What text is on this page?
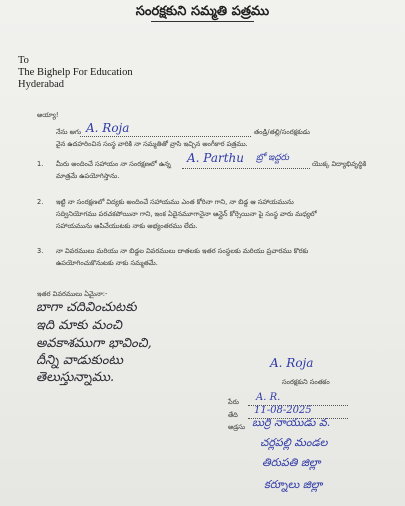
సంరక్షకుని సమ్మతి పత్రము
To
The Bighelp For Education
Hyderabad
అయ్యా!
నేను అగు A. Roja	తండ్రి/తల్లి/సంరక్షకుడు
వైన ఉదహరించిన సంస్థ వారికి నా సమ్మతితో వ్రాసి ఇచ్చిన అంగీకార పత్రము.
1. మీరు అందించే సహాయం నా సంరక్షణలో ఉన్న A. Parthu బ్రో ఇద్దరు
యొక్క విద్యాభివృద్ధికి
మాత్రమే ఉపయోగిస్తాను.
2. ఇట్టి నా సంరక్షణలో విద్యకు అందించే సహాయము ఎంత కోరినా గాని, నా బిడ్డ ఆ సహాయమును
సద్వినియోగము పరచకపోయినా గాని, ఇంక ఏదైనమూగానైనా ఆన్లైన్ కోర్సెయినా పై సంస్థ వారు మధ్యలో
సహాయమును ఆపివేయుటకు నాకు అభ్యంతరము లేదు.
3. నా వివరములు మరియు నా బిడ్డల వివరములు దాతలకు ఇతర సంస్థలకు మరియు ప్రచారము కొరకు
ఉపయోగించుకొనుటకు నాకు సమ్మతమే.
ఇతర వివరములు ఏమైనా:-
బాగా చదివించుటకు
ఇది మాకు మంచి
అవకాశముగా భావించి,
దీన్ని వాడుకుంటు
తెలుస్తున్నాము.
A. Roja
సంరక్షకుని సంతకం
పేరు A. R.
తేది 11-08-2025
అడ్రసు బుర్రి నాయుడు వ.
చర్లపల్లి మండల
తిరుపతి జిల్లా
కర్నూలు జిల్లా
